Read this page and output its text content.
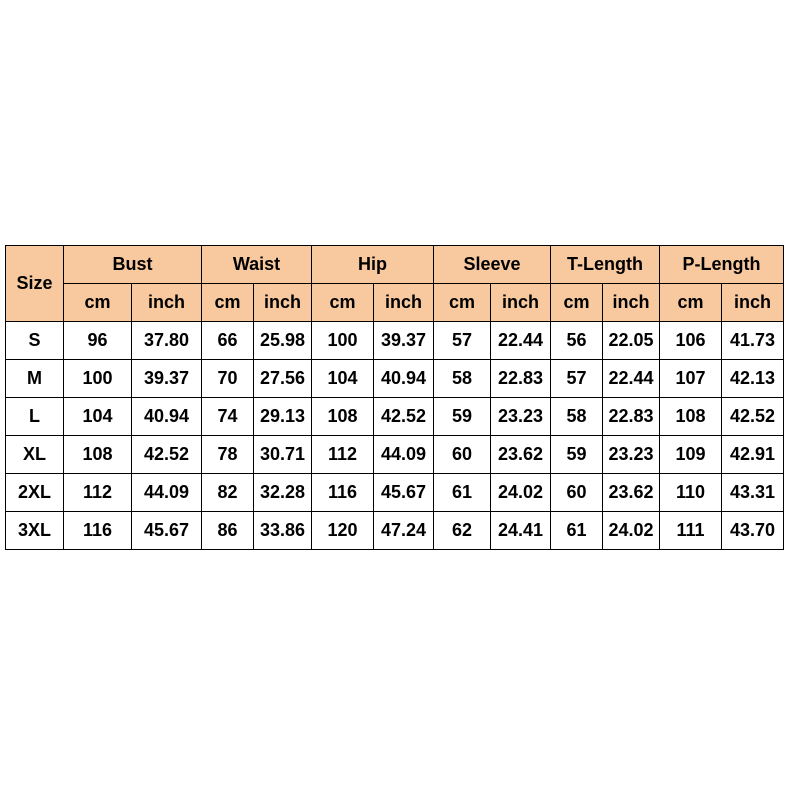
Size	Bust		Waist		Hip		Sleeve		T-Length		P-Length	
	cm	inch	cm	inch	cm	inch	cm	inch	cm	inch	cm	inch
S	96	37.80	66	25.98	100	39.37	57	22.44	56	22.05	106	41.73
M	100	39.37	70	27.56	104	40.94	58	22.83	57	22.44	107	42.13
L	104	40.94	74	29.13	108	42.52	59	23.23	58	22.83	108	42.52
XL	108	42.52	78	30.71	112	44.09	60	23.62	59	23.23	109	42.91
2XL	112	44.09	82	32.28	116	45.67	61	24.02	60	23.62	110	43.31
3XL	116	45.67	86	33.86	120	47.24	62	24.41	61	24.02	111	43.70
